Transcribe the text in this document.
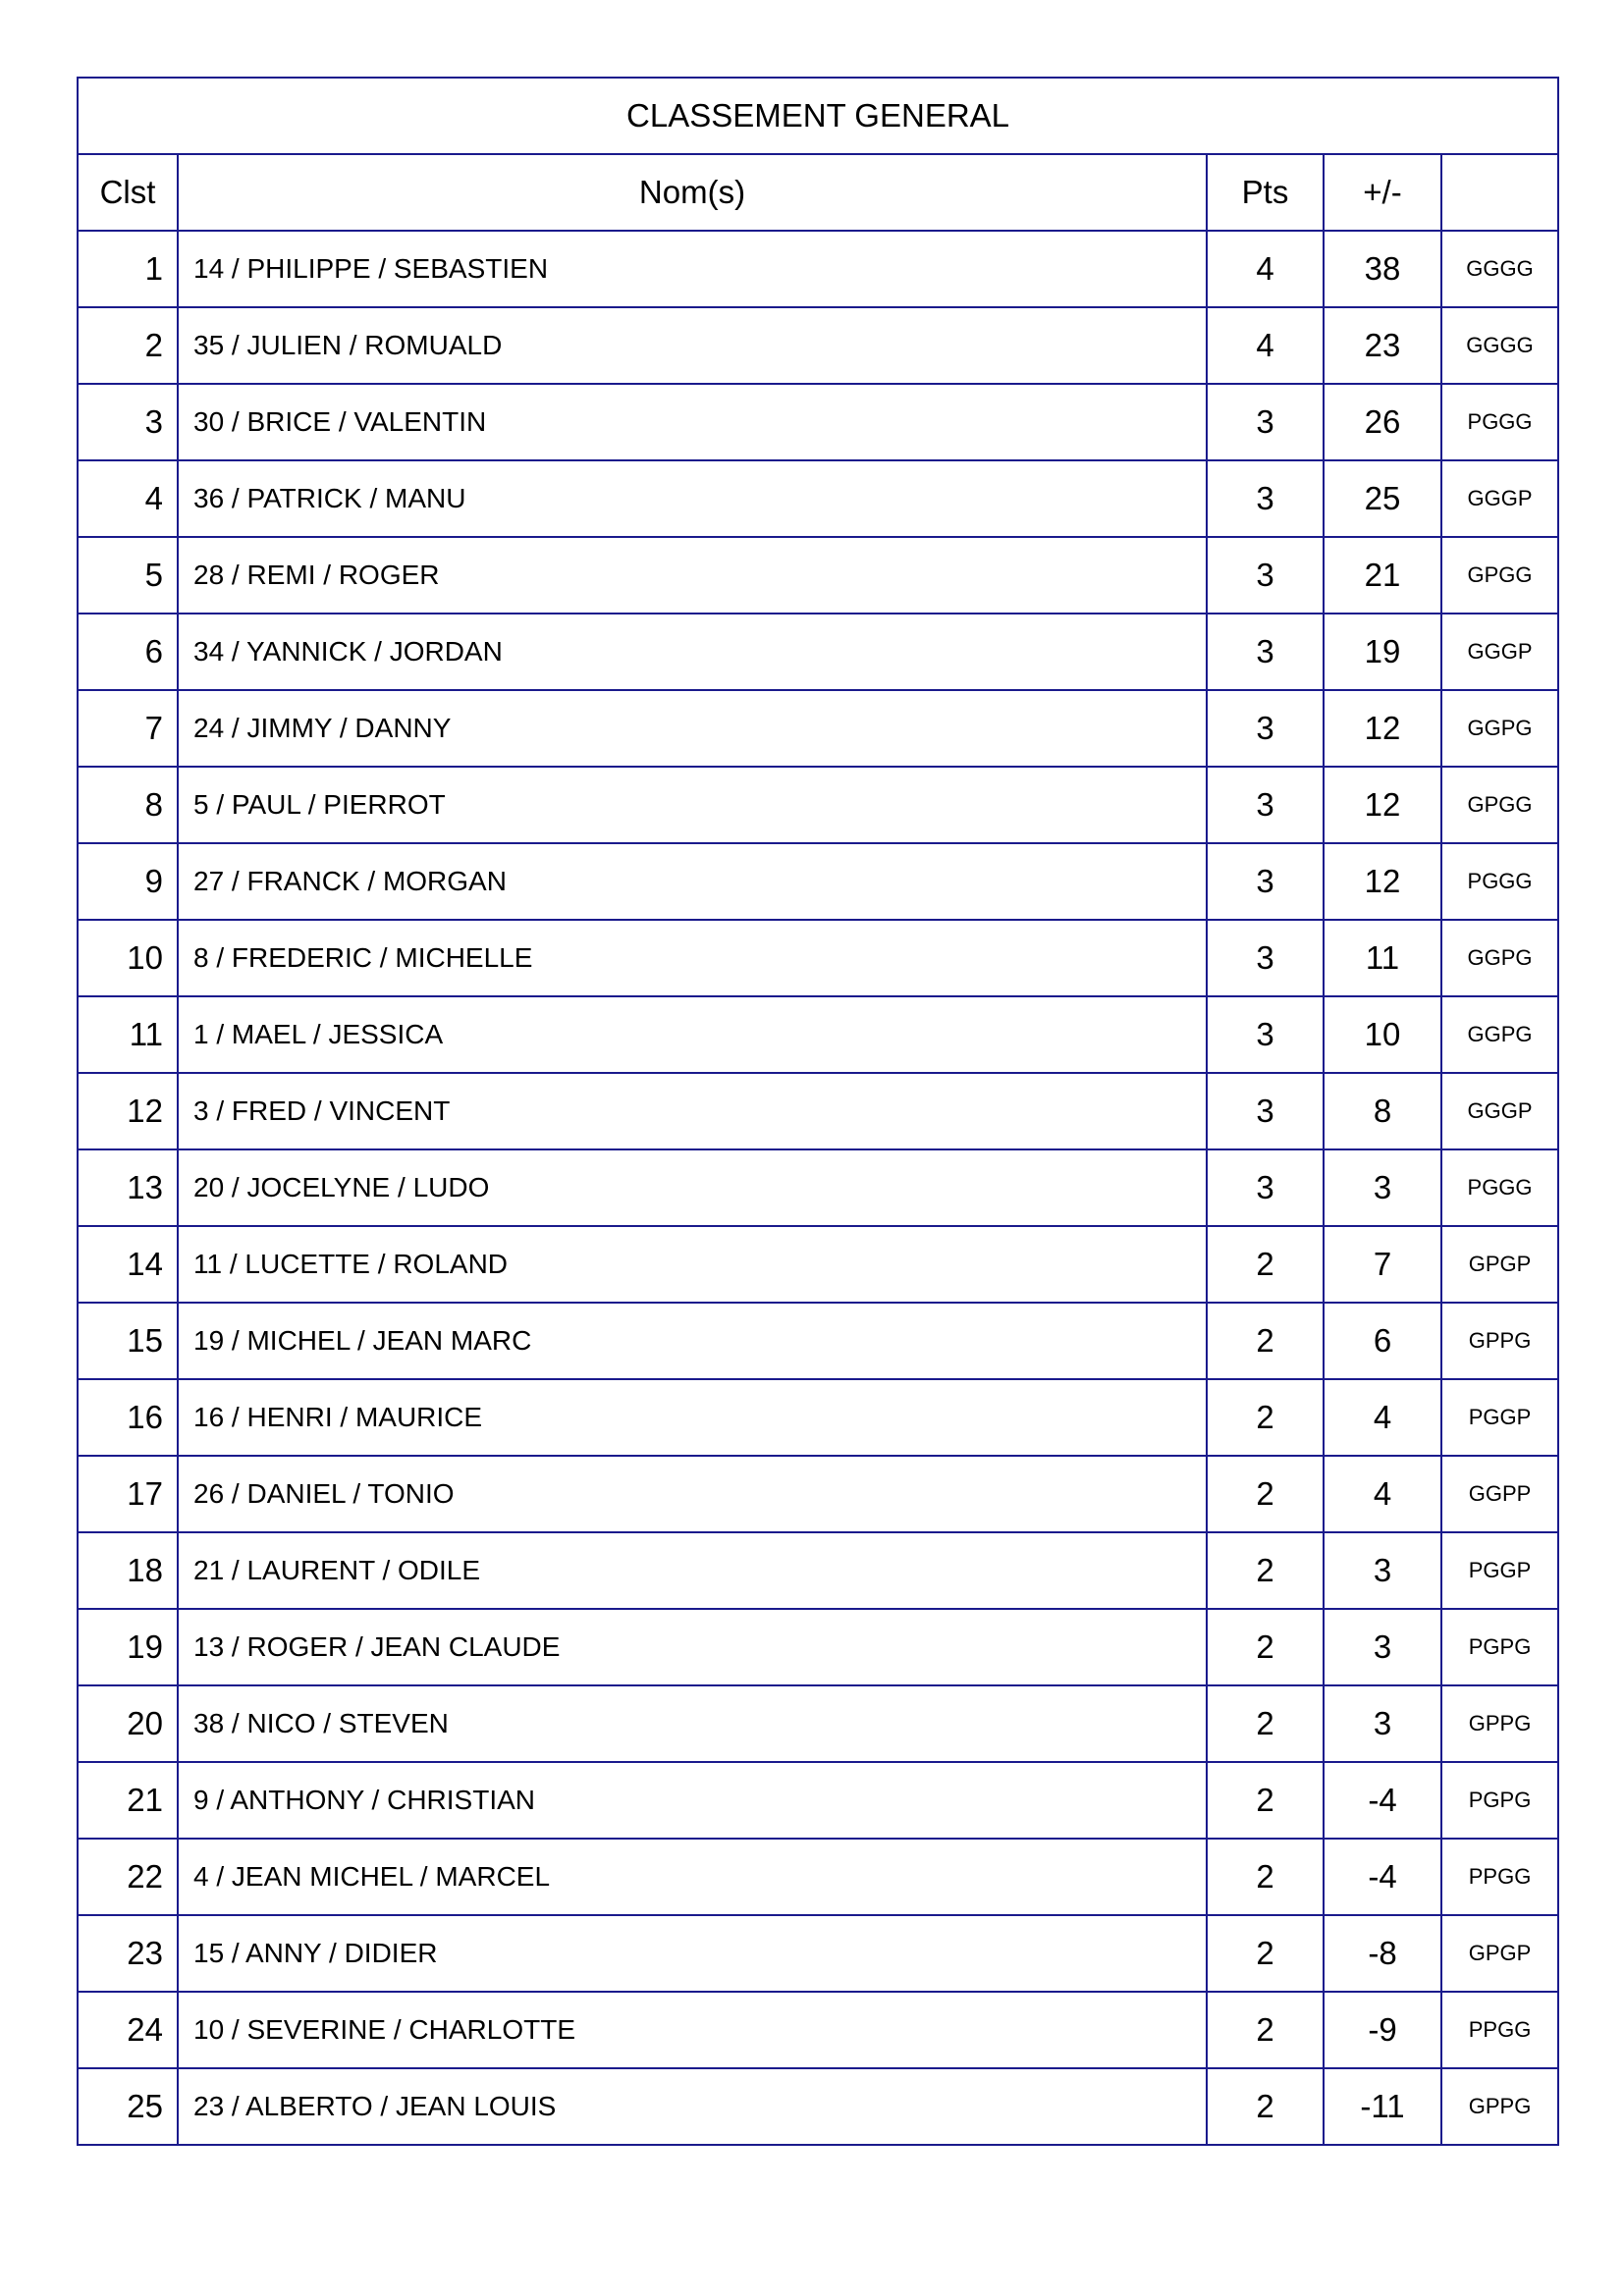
CLASSEMENT GENERAL				
Clst	Nom(s)	Pts	+/-	
1	14 / PHILIPPE / SEBASTIEN	4	38	GGGG
2	35 / JULIEN / ROMUALD	4	23	GGGG
3	30 / BRICE / VALENTIN	3	26	PGGG
4	36 / PATRICK / MANU	3	25	GGGP
5	28 / REMI / ROGER	3	21	GPGG
6	34 / YANNICK / JORDAN	3	19	GGGP
7	24 / JIMMY / DANNY	3	12	GGPG
8	5 / PAUL / PIERROT	3	12	GPGG
9	27 / FRANCK / MORGAN	3	12	PGGG
10	8 / FREDERIC / MICHELLE	3	11	GGPG
11	1 / MAEL / JESSICA	3	10	GGPG
12	3 / FRED / VINCENT	3	8	GGGP
13	20 / JOCELYNE / LUDO	3	3	PGGG
14	11 / LUCETTE / ROLAND	2	7	GPGP
15	19 / MICHEL / JEAN MARC	2	6	GPPG
16	16 / HENRI / MAURICE	2	4	PGGP
17	26 / DANIEL / TONIO	2	4	GGPP
18	21 / LAURENT / ODILE	2	3	PGGP
19	13 / ROGER / JEAN CLAUDE	2	3	PGPG
20	38 / NICO / STEVEN	2	3	GPPG
21	9 / ANTHONY / CHRISTIAN	2	-4	PGPG
22	4 / JEAN MICHEL / MARCEL	2	-4	PPGG
23	15 / ANNY / DIDIER	2	-8	GPGP
24	10 / SEVERINE / CHARLOTTE	2	-9	PPGG
25	23 / ALBERTO / JEAN LOUIS	2	-11	GPPG
